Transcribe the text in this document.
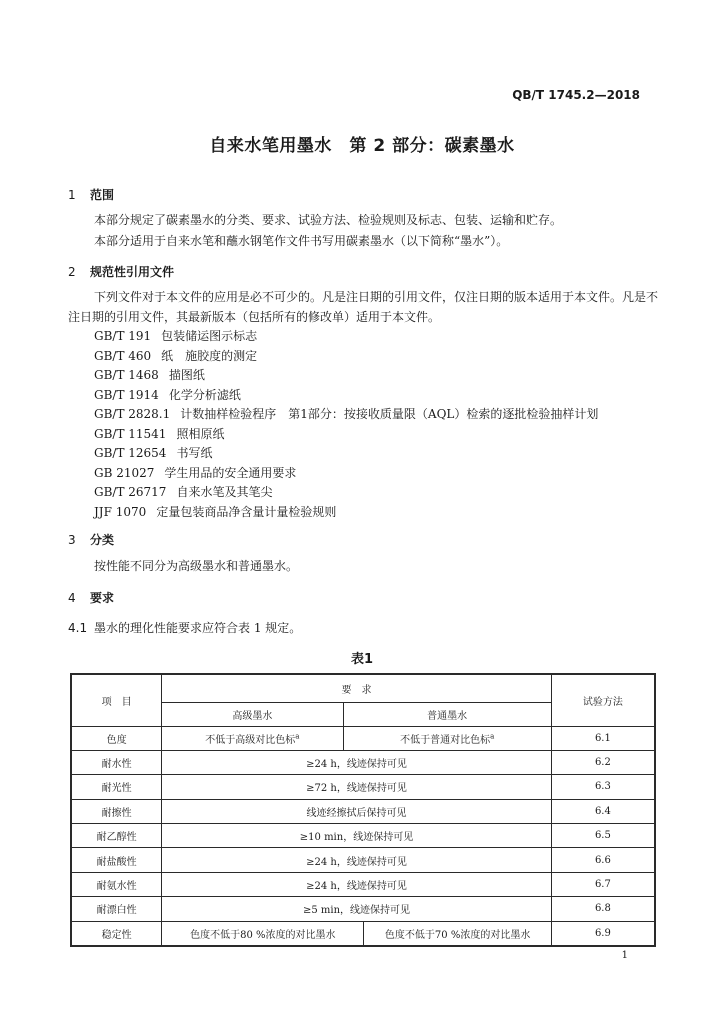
QB/T 1745.2—2018
自来水笔用墨水　第 2 部分：碳素墨水
1 范围
本部分规定了碳素墨水的分类、要求、试验方法、检验规则及标志、包装、运输和贮存。
本部分适用于自来水笔和蘸水钢笔作文件书写用碳素墨水（以下简称“墨水”）。
2 规范性引用文件
下列文件对于本文件的应用是必不可少的。凡是注日期的引用文件，仅注日期的版本适用于本文件。凡是不注日期的引用文件，其最新版本（包括所有的修改单）适用于本文件。
GB/T 191 包装储运图示标志
GB/T 460 纸　施胶度的测定
GB/T 1468 描图纸
GB/T 1914 化学分析滤纸
GB/T 2828.1 计数抽样检验程序　第1部分：按接收质量限（AQL）检索的逐批检验抽样计划
GB/T 11541 照相原纸
GB/T 12654 书写纸
GB 21027 学生用品的安全通用要求
GB/T 26717 自来水笔及其笔尖
JJF 1070 定量包装商品净含量计量检验规则
3 分类
按性能不同分为高级墨水和普通墨水。
4 要求
4.1 墨水的理化性能要求应符合表 1 规定。
表1
项　目	要　求			试验方法
	高级墨水	普通墨水		
色度	不低于高级对比色标$^a$	不低于普通对比色标$^a$		6.1
耐水性	≥24 h，线迹保持可见			6.2
耐光性	≥72 h，线迹保持可见			6.3
耐擦性	线迹经擦拭后保持可见			6.4
耐乙醇性	≥10 min，线迹保持可见			6.5
耐盐酸性	≥24 h，线迹保持可见			6.6
耐氨水性	≥24 h，线迹保持可见			6.7
耐漂白性	≥5 min，线迹保持可见			6.8
稳定性	色度不低于80 %浓度的对比墨水		色度不低于70 %浓度的对比墨水	6.9
1
